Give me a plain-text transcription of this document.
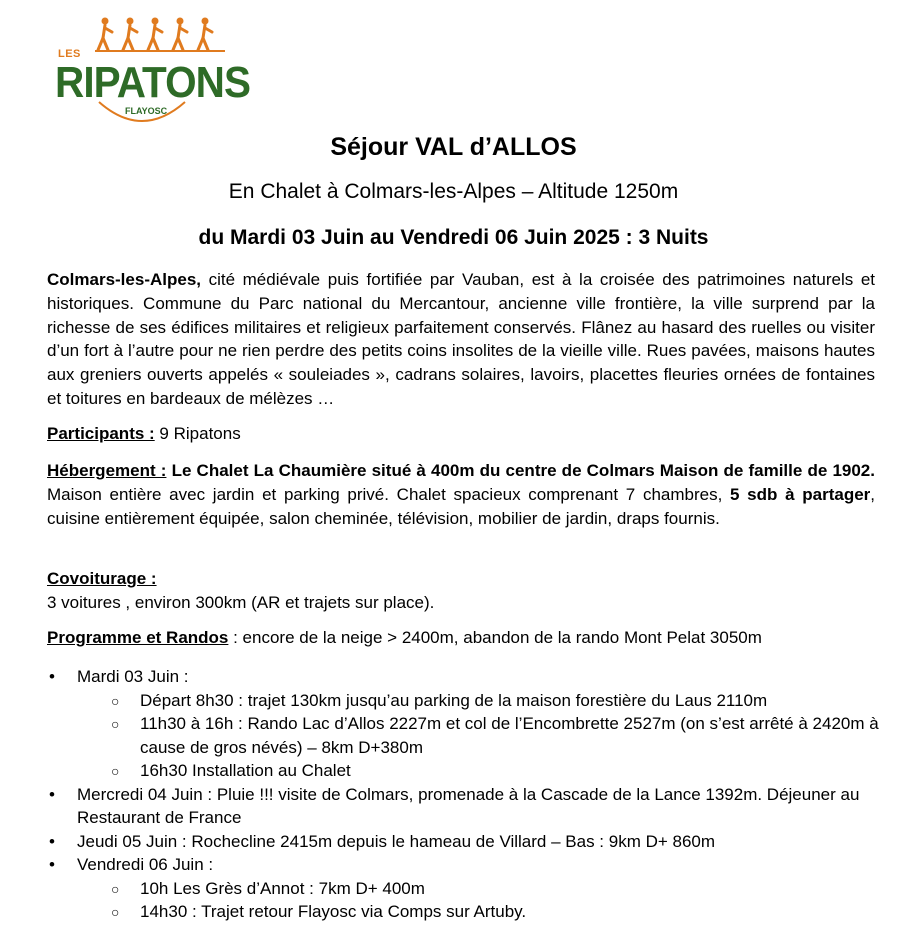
LES
RIPATONS
FLAYOSC
Séjour VAL d’ALLOS
En Chalet à Colmars-les-Alpes – Altitude 1250m
du Mardi 03 Juin au Vendredi 06 Juin 2025 : 3 Nuits
Colmars-les-Alpes, cité médiévale puis fortifiée par Vauban, est à la croisée des patrimoines naturels et historiques. Commune du Parc national du Mercantour, ancienne ville frontière, la ville surprend par la richesse de ses édifices militaires et religieux parfaitement conservés. Flânez au hasard des ruelles ou visiter d’un fort à l’autre pour ne rien perdre des petits coins insolites de la vieille ville. Rues pavées, maisons hautes aux greniers ouverts appelés « souleiades », cadrans solaires, lavoirs, placettes fleuries ornées de fontaines et toitures en bardeaux de mélèzes …
Participants : 9 Ripatons
Hébergement : Le Chalet La Chaumière situé à 400m du centre de Colmars Maison de famille de 1902. Maison entière avec jardin et parking privé. Chalet spacieux comprenant 7 chambres, 5 sdb à partager, cuisine entièrement équipée, salon cheminée, télévision, mobilier de jardin, draps fournis.
Covoiturage :
3 voitures , environ 300km (AR et trajets sur place).
Programme et Randos : encore de la neige > 2400m, abandon de la rando Mont Pelat 3050m
• Mardi 03 Juin :
○ Départ 8h30 : trajet 130km jusqu’au parking de la maison forestière du Laus 2110m
○ 11h30 à 16h : Rando Lac d’Allos 2227m et col de l’Encombrette 2527m (on s’est arrêté à 2420m à cause de gros névés) – 8km D+380m
○ 16h30 Installation au Chalet
• Mercredi 04 Juin : Pluie !!! visite de Colmars, promenade à la Cascade de la Lance 1392m. Déjeuner au Restaurant de France
• Jeudi 05 Juin : Rochecline 2415m depuis le hameau de Villard – Bas : 9km D+ 860m
• Vendredi 06 Juin :
○ 10h Les Grès d’Annot : 7km D+ 400m
○ 14h30 : Trajet retour Flayosc via Comps sur Artuby.
